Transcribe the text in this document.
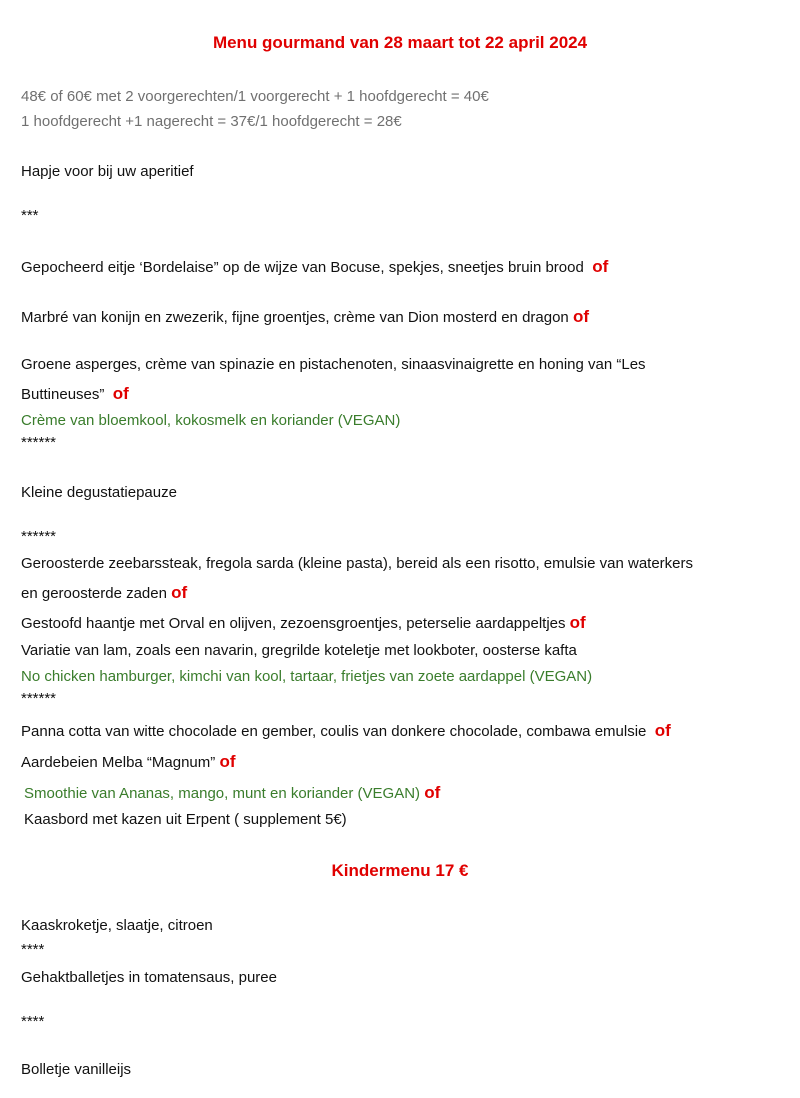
Menu gourmand van 28 maart tot 22 april 2024
48€ of 60€ met 2 voorgerechten/1 voorgerecht + 1 hoofdgerecht = 40€
1 hoofdgerecht +1 nagerecht = 37€/1 hoofdgerecht = 28€
Hapje voor bij uw aperitief
***
Gepocheerd eitje ‘Bordelaise” op de wijze van Bocuse, spekjes, sneetjes bruin brood of
Marbré van konijn en zwezerik, fijne groentjes, crème van Dion mosterd en dragon of
Groene asperges, crème van spinazie en pistachenoten, sinaasvinaigrette en honing van “Les
Buttineuses” of
Crème van bloemkool, kokosmelk en koriander (VEGAN)
******
Kleine degustatiepauze
******
Geroosterde zeebarssteak, fregola sarda (kleine pasta), bereid als een risotto, emulsie van waterkers
en geroosterde zaden of
Gestoofd haantje met Orval en olijven, zezoensgroentjes, peterselie aardappeltjes of
Variatie van lam, zoals een navarin, gregrilde koteletje met lookboter, oosterse kafta
No chicken hamburger, kimchi van kool, tartaar, frietjes van zoete aardappel (VEGAN)
******
Panna cotta van witte chocolade en gember, coulis van donkere chocolade, combawa emulsie of
Aardebeien Melba “Magnum” of
Smoothie van Ananas, mango, munt en koriander (VEGAN) of
Kaasbord met kazen uit Erpent ( supplement 5€)
Kindermenu 17 €
Kaaskroketje, slaatje, citroen
****
Gehaktballetjes in tomatensaus, puree
****
Bolletje vanilleijs
